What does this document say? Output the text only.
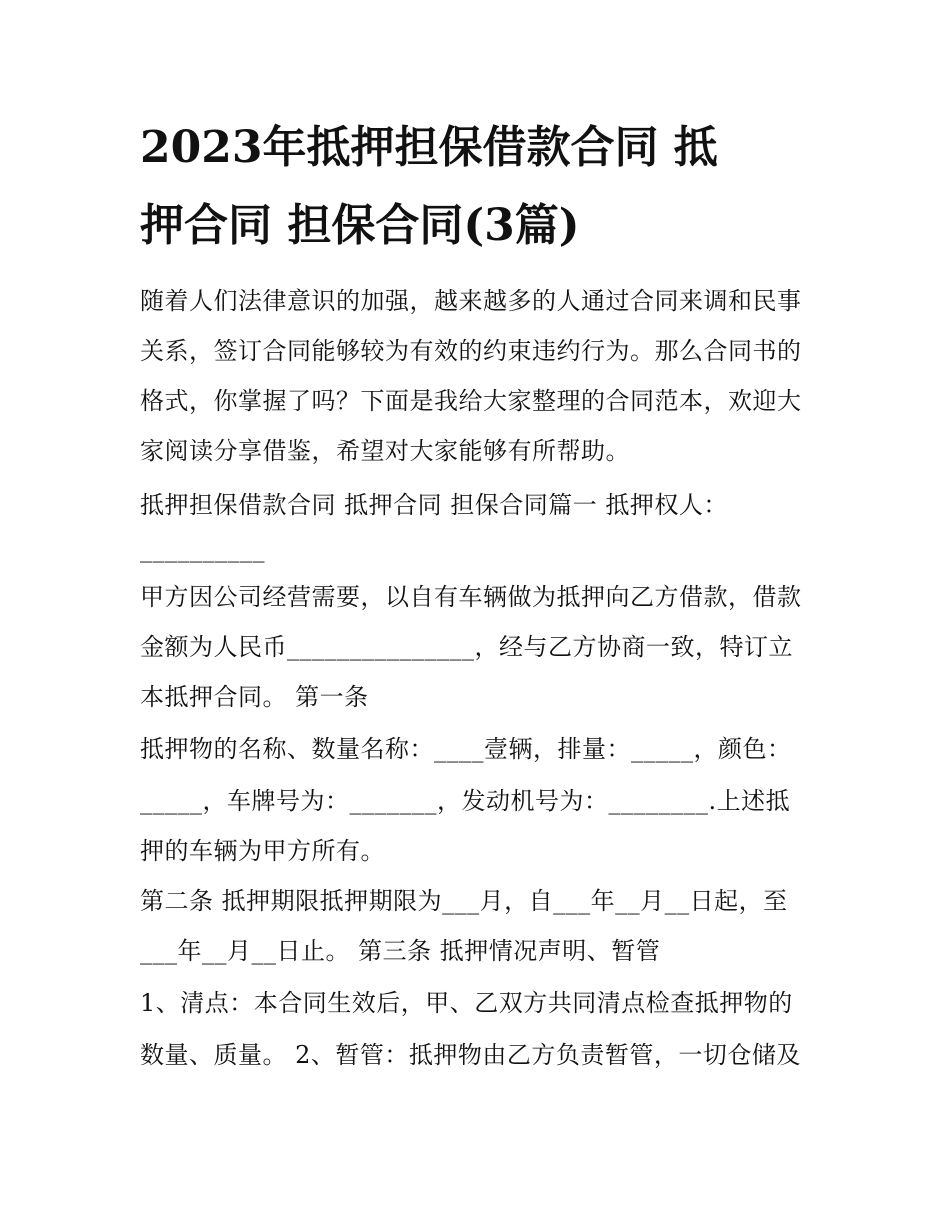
2023年抵押担保借款合同 抵
押合同 担保合同(3篇)
随着人们法律意识的加强，越来越多的人通过合同来调和民事
关系，签订合同能够较为有效的约束违约行为。那么合同书的
格式，你掌握了吗？下面是我给大家整理的合同范本，欢迎大
家阅读分享借鉴，希望对大家能够有所帮助。
抵押担保借款合同 抵押合同 担保合同篇一 抵押权人：
__________
甲方因公司经营需要，以自有车辆做为抵押向乙方借款，借款
金额为人民币_______________，经与乙方协商一致，特订立
本抵押合同。 第一条
抵押物的名称、数量名称：____壹辆，排量：_____，颜色：
_____，车牌号为：_______，发动机号为：________.上述抵
押的车辆为甲方所有。
第二条 抵押期限抵押期限为___月，自___年__月__日起，至
___年__月__日止。 第三条 抵押情况声明、暂管
1、清点：本合同生效后，甲、乙双方共同清点检查抵押物的
数量、质量。 2、暂管：抵押物由乙方负责暂管，一切仓储及
